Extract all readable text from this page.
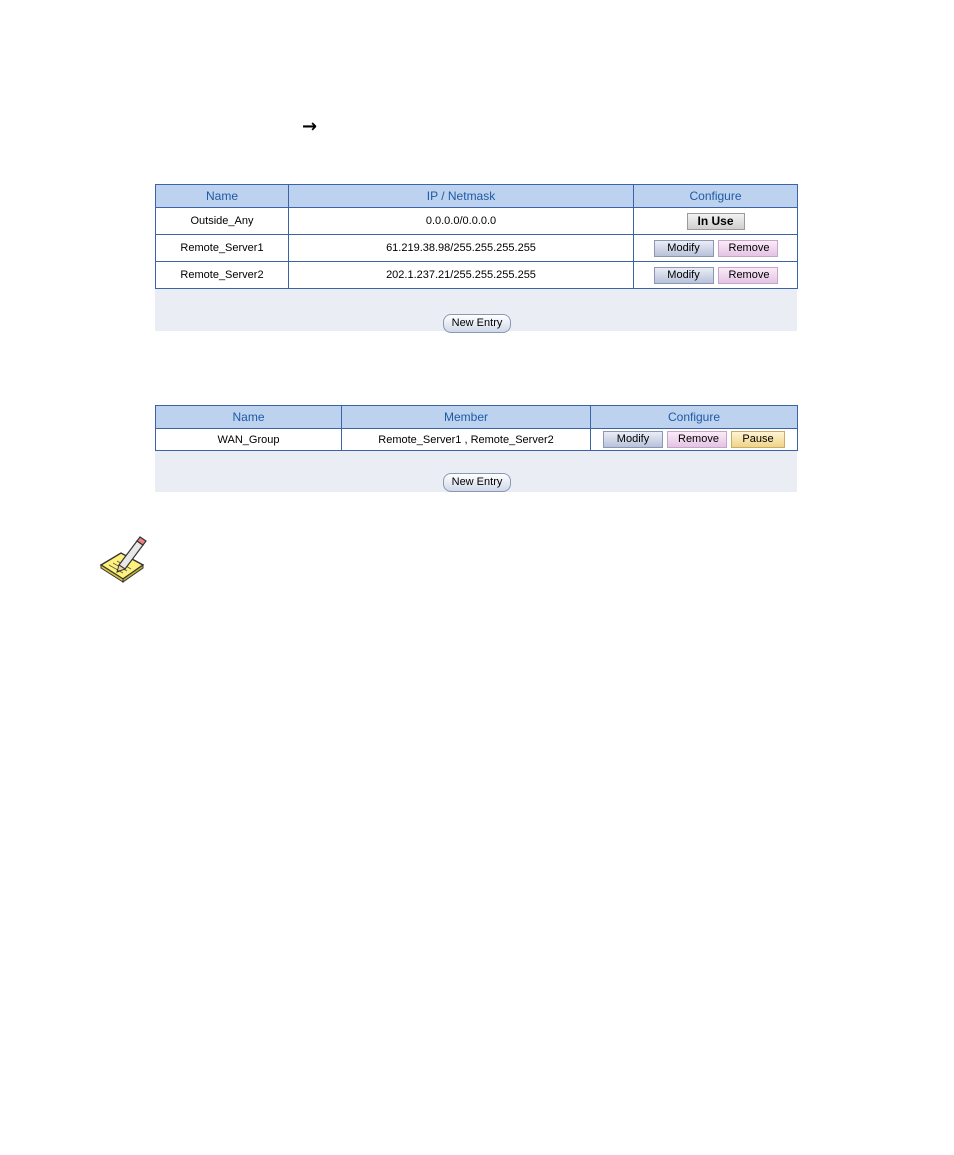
→
Name	IP / Netmask	Configure
Outside_Any	0.0.0.0/0.0.0.0	In Use
Remote_Server1	61.219.38.98/255.255.255.255	Modify Remove
Remote_Server2	202.1.237.21/255.255.255.255	Modify Remove
New Entry
Name	Member	Configure
WAN_Group	Remote_Server1 , Remote_Server2	Modify Remove Pause
New Entry
